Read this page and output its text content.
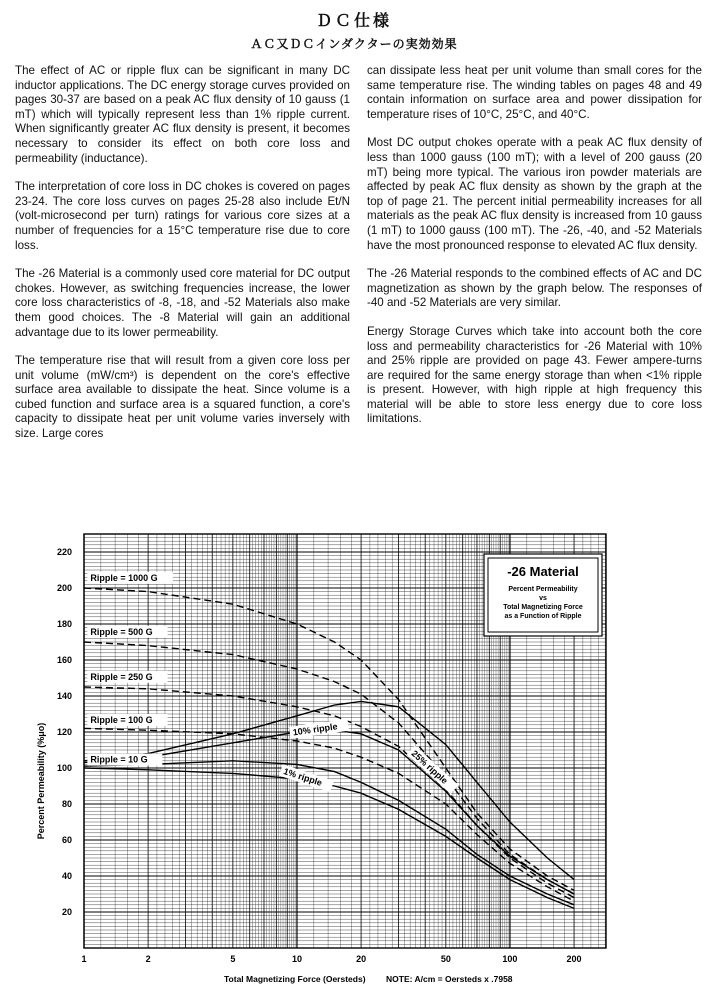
ＤＣ仕様
ＡＣ又ＤＣインダクターの実効効果

The effect of AC or ripple flux can be significant in many DC inductor applications. The DC energy storage curves provided on pages 30-37 are based on a peak AC flux density of 10 gauss (1 mT) which will typically represent less than 1% ripple current. When significantly greater AC flux density is present, it becomes necessary to consider its effect on both core loss and permeability (inductance).

The interpretation of core loss in DC chokes is covered on pages 23-24. The core loss curves on pages 25-28 also include Et/N (volt-microsecond per turn) ratings for various core sizes at a number of frequencies for a 15°C temperature rise due to core loss.

The -26 Material is a commonly used core material for DC output chokes. However, as switching frequencies increase, the lower core loss characteristics of -8, -18, and -52 Materials also make them good choices. The -8 Material will gain an additional advantage due to its lower permeability.

The temperature rise that will result from a given core loss per unit volume (mW/cm³) is dependent on the core's effective surface area available to dissipate the heat. Since volume is a cubed function and surface area is a squared function, a core's capacity to dissipate heat per unit volume varies inversely with size. Large cores

can dissipate less heat per unit volume than small cores for the same temperature rise. The winding tables on pages 48 and 49 contain information on surface area and power dissipation for temperature rises of 10°C, 25°C, and 40°C.

Most DC output chokes operate with a peak AC flux density of less than 1000 gauss (100 mT); with a level of 200 gauss (20 mT) being more typical. The various iron powder materials are affected by peak AC flux density as shown by the graph at the top of page 21. The percent initial permeability increases for all materials as the peak AC flux density is increased from 10 gauss (1 mT) to 1000 gauss (100 mT). The -26, -40, and -52 Materials have the most pronounced response to elevated AC flux density.

The -26 Material responds to the combined effects of AC and DC magnetization as shown by the graph below. The responses of -40 and -52 Materials are very similar.

Energy Storage Curves which take into account both the core loss and permeability characteristics for -26 Material with 10% and 25% ripple are provided on page 43. Fewer ampere-turns are required for the same energy storage than when <1% ripple is present. However, with high ripple at high frequency this material will be able to store less energy due to core loss limitations.

20
40
60
80
100
120
140
160
180
200
220
1	2	5	10	20	50	100	200
Ripple = 1000 G
Ripple = 500 G
Ripple = 250 G
Ripple = 100 G
Ripple = 10 G
1% ripple
10% ripple
25% ripple
Percent Permeability (%μo)
Total Magnetizing Force (Oersteds) NOTE: A/cm = Oersteds x .7958
-26 Material
Percent Permeability
vs
Total Magnetizing Force
as a Function of Ripple
